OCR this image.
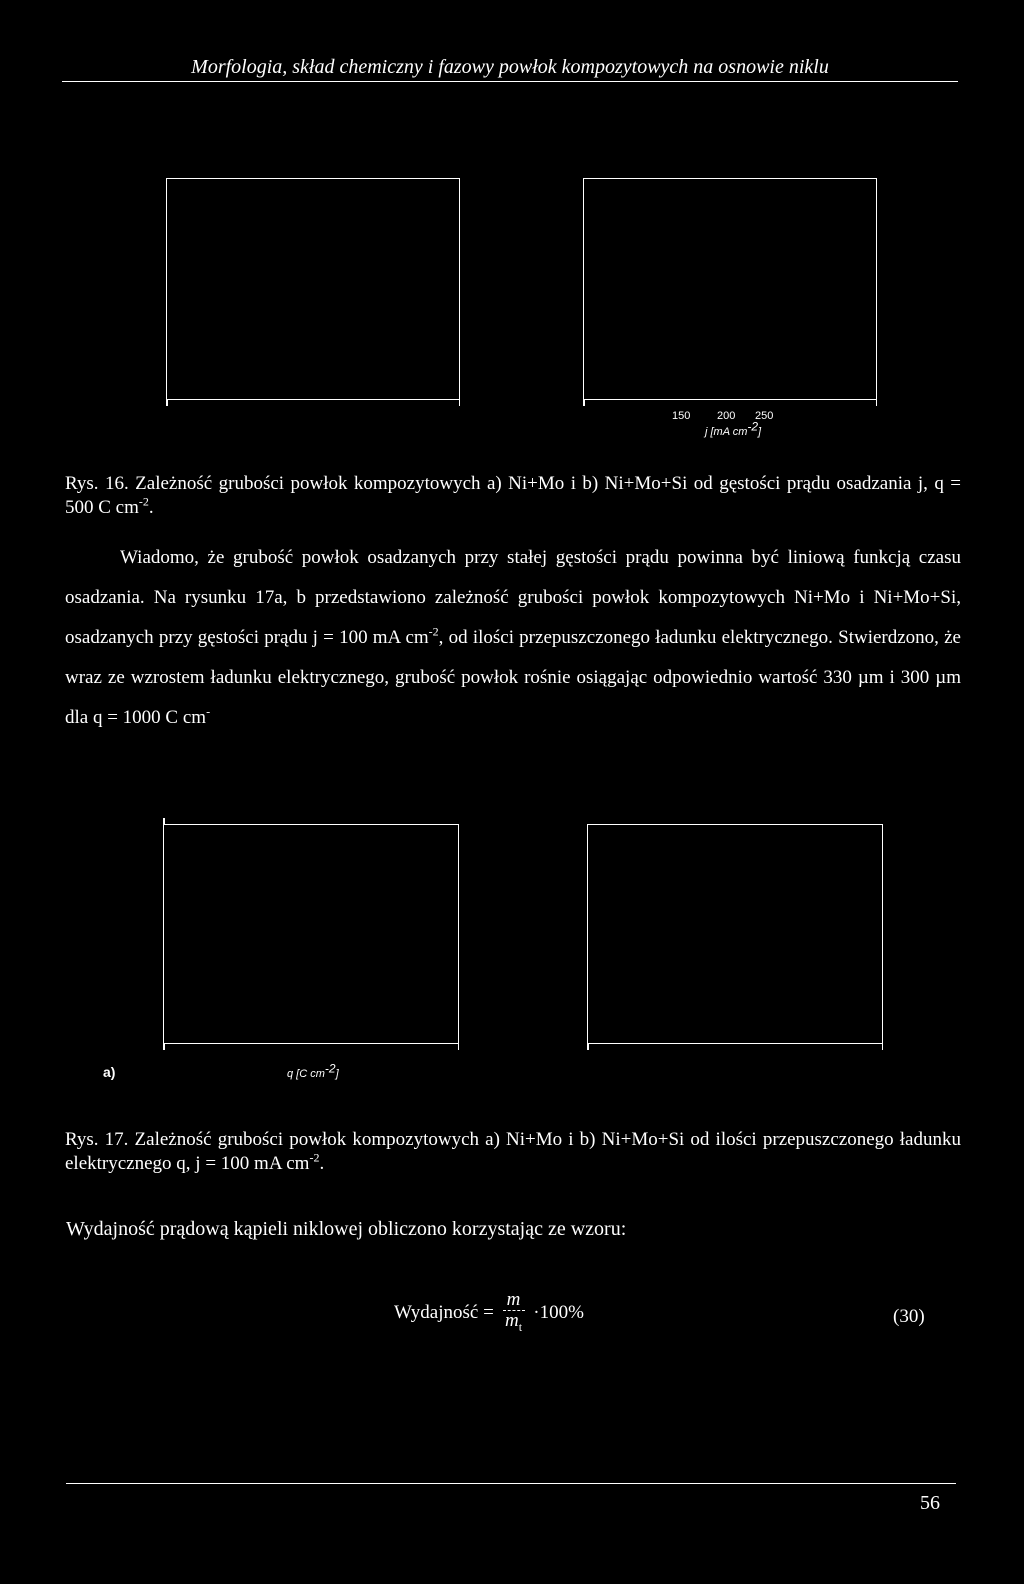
Morfologia, skład chemiczny i fazowy powłok kompozytowych na osnowie niklu
150 200 250
j [mA $cm^{-2}$]
Rys. 16. Zależność grubości powłok kompozytowych a) Ni+Mo i b) Ni+Mo+Si od gęstości prądu osadzania j, q = 500 C $cm^{-2}$.
Wiadomo, że grubość powłok osadzanych przy stałej gęstości prądu powinna być liniową funkcją czasu osadzania. Na rysunku 17a, b przedstawiono zależność grubości powłok kompozytowych Ni+Mo i Ni+Mo+Si, osadzanych przy gęstości prądu j = 100 mA $cm^{-2}$, od ilości przepuszczonego ładunku elektrycznego. Stwierdzono, że wraz ze wzrostem ładunku elektrycznego, grubość powłok rośnie osiągając odpowiednio wartość 330 µm i 300 µm dla q = 1000 C cm-
a)	q [C $cm^{-2}$]
Rys. 17. Zależność grubości powłok kompozytowych a) Ni+Mo i b) Ni+Mo+Si od ilości przepuszczonego ładunku elektrycznego q, j = 100 mA $cm^{-2}$.
Wydajność prądową kąpieli niklowej obliczono korzystając ze wzoru:
Wydajność = $\frac{m}{m_t} \cdot 100\%$	(30)
56
